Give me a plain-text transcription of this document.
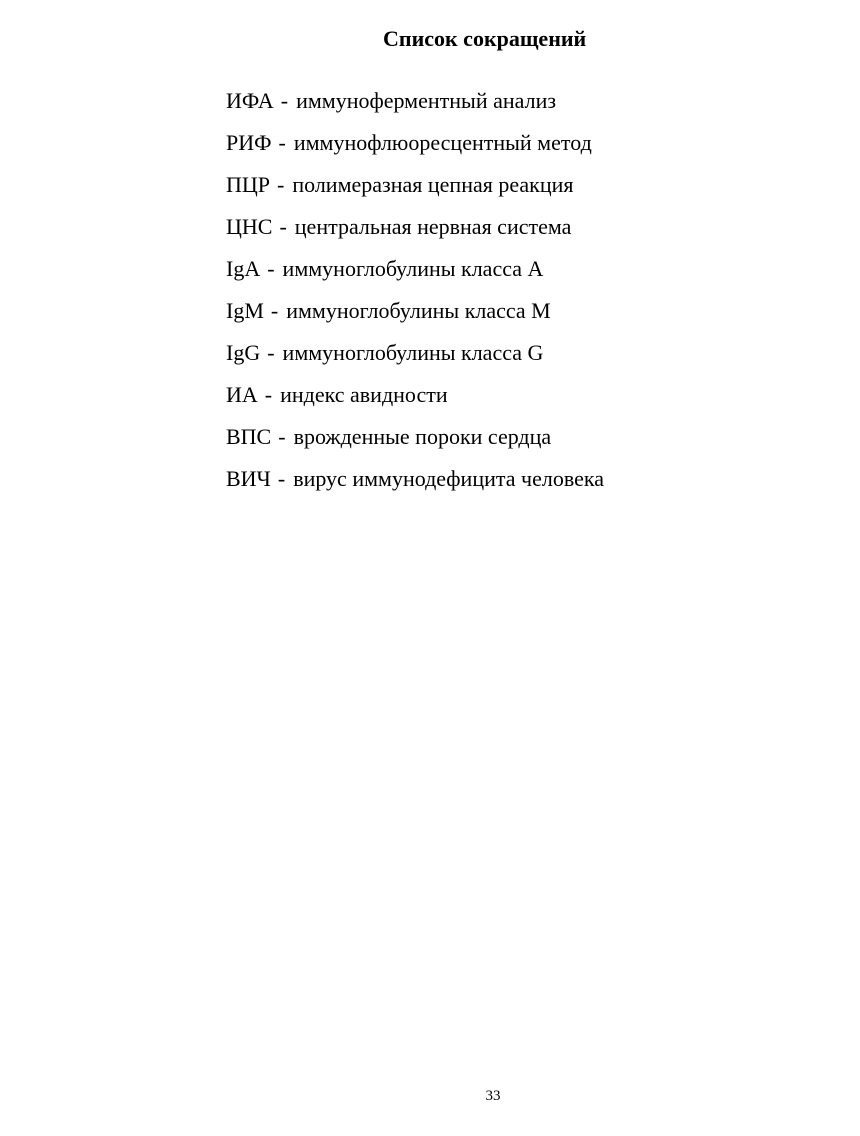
Список сокращений
ИФА - иммуноферментный анализ
РИФ - иммунофлюоресцентный метод
ПЦР - полимеразная цепная реакция
ЦНС - центральная нервная система
IgA - иммуноглобулины класса А
IgM - иммуноглобулины класса М
IgG - иммуноглобулины класса G
ИА - индекс авидности
ВПС - врожденные пороки сердца
ВИЧ - вирус иммунодефицита человека
33
